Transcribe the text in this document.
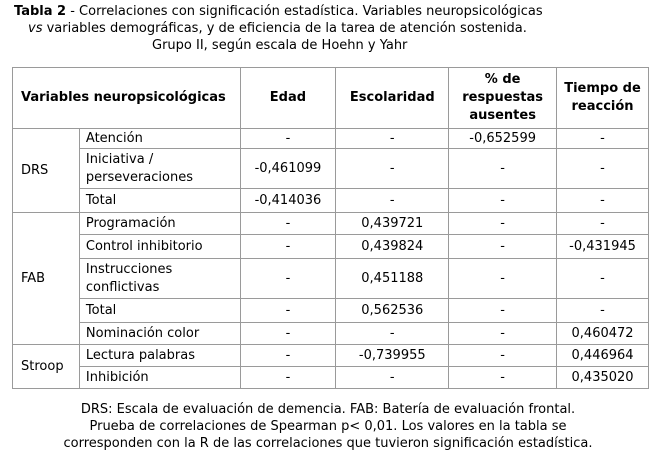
Tabla 2 - Correlaciones con significación estadística. Variables neuropsicológicas
vs variables demográficas, y de eficiencia de la tarea de atención sostenida.
Grupo II, según escala de Hoehn y Yahr
Variables neuropsicológicas		Edad	Escolaridad	% de respuestas ausentes	Tiempo de reacción
DRS	Atención	-	-	-0,652599	-
	Iniciativa / perseveraciones	-0,461099	-	-	-
	Total	-0,414036	-	-	-
FAB	Programación	-	0,439721	-	-
	Control inhibitorio	-	0,439824	-	-0,431945
	Instrucciones conflictivas	-	0,451188	-	-
	Total	-	0,562536	-	-
	Nominación color	-	-	-	0,460472
Stroop	Lectura palabras	-	-0,739955	-	0,446964
	Inhibición	-	-	-	0,435020
DRS: Escala de evaluación de demencia. FAB: Batería de evaluación frontal.
Prueba de correlaciones de Spearman p< 0,01. Los valores en la tabla se
corresponden con la R de las correlaciones que tuvieron significación estadística.
